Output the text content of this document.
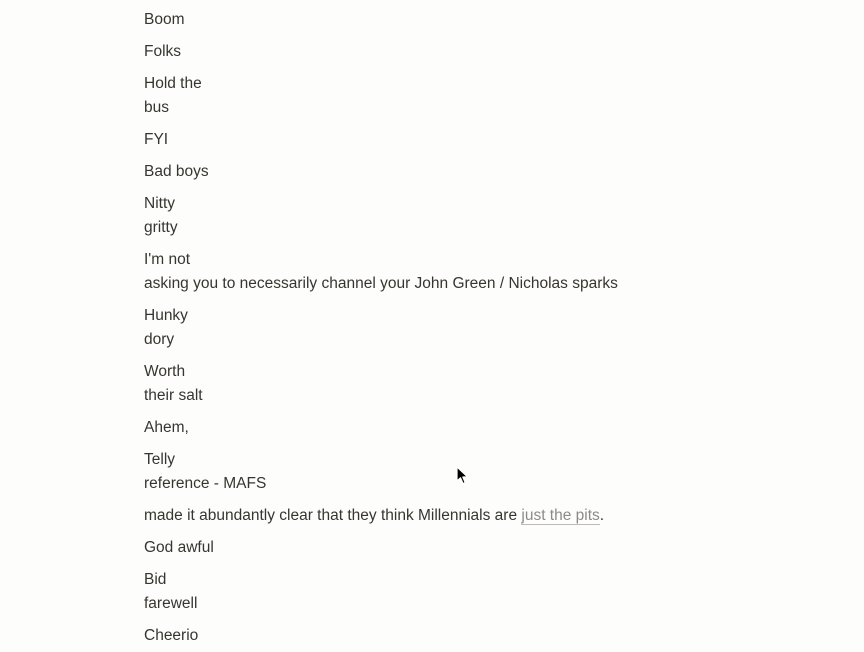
Boom
Folks
Hold the
bus
FYI
Bad boys
Nitty
gritty
I'm not
asking you to necessarily channel your John Green / Nicholas sparks
Hunky
dory
Worth
their salt
Ahem,
Telly
reference - MAFS
made it abundantly clear that they think Millennials are just the pits.
God awful
Bid
farewell
Cheerio
